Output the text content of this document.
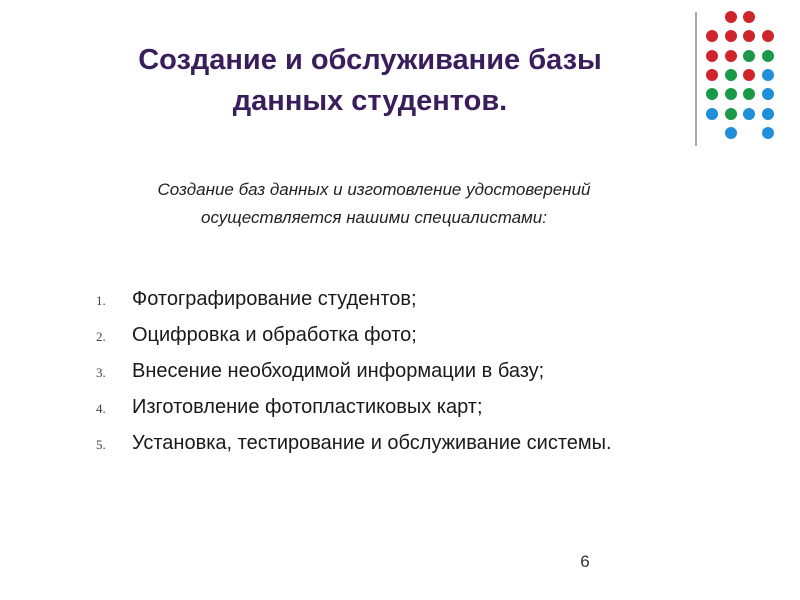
Создание и обслуживание базы
данных студентов.
Создание баз данных и изготовление удостоверений
осуществляется нашими специалистами:
1.	Фотографирование студентов;
2.	Оцифровка и обработка фото;
3.	Внесение необходимой информации в базу;
4.	Изготовление фотопластиковых карт;
5.	Установка, тестирование и обслуживание системы.
6
